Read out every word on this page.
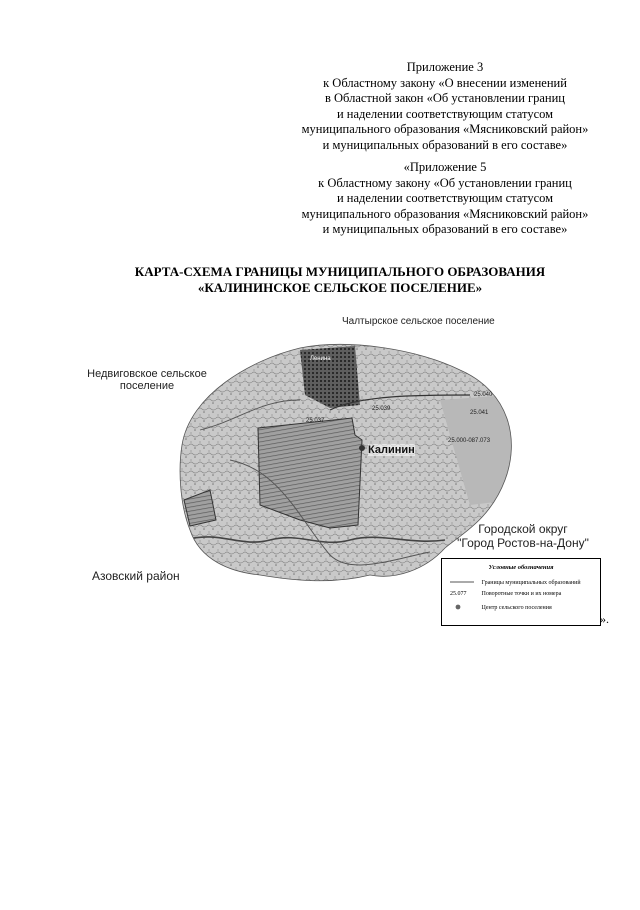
Приложение 3
к Областному закону «О внесении изменений
в Областной закон «Об установлении границ
и наделении соответствующим статусом
муниципального образования «Мясниковский район»
и муниципальных образований в его составе»
«Приложение 5
к Областному закону «Об установлении границ
и наделении соответствующим статусом
муниципального образования «Мясниковский район»
и муниципальных образований в его составе»
КАРТА-СХЕМА ГРАНИЦЫ МУНИЦИПАЛЬНОГО ОБРАЗОВАНИЯ
«КАЛИНИНСКОЕ СЕЛЬСКОЕ ПОСЕЛЕНИЕ»
Чалтырское сельское поселение
Недвиговское сельское
поселение
Азовский район
Городской округ
"Город Ростов-на-Дону"
Калинин
Ленина
25.039
25.037
25.041
25.040
25.000-087.073
Условные обозначения
Границы муниципальных образований
25.077	Поворотные точки и их номера
Центр сельского поселения
».
